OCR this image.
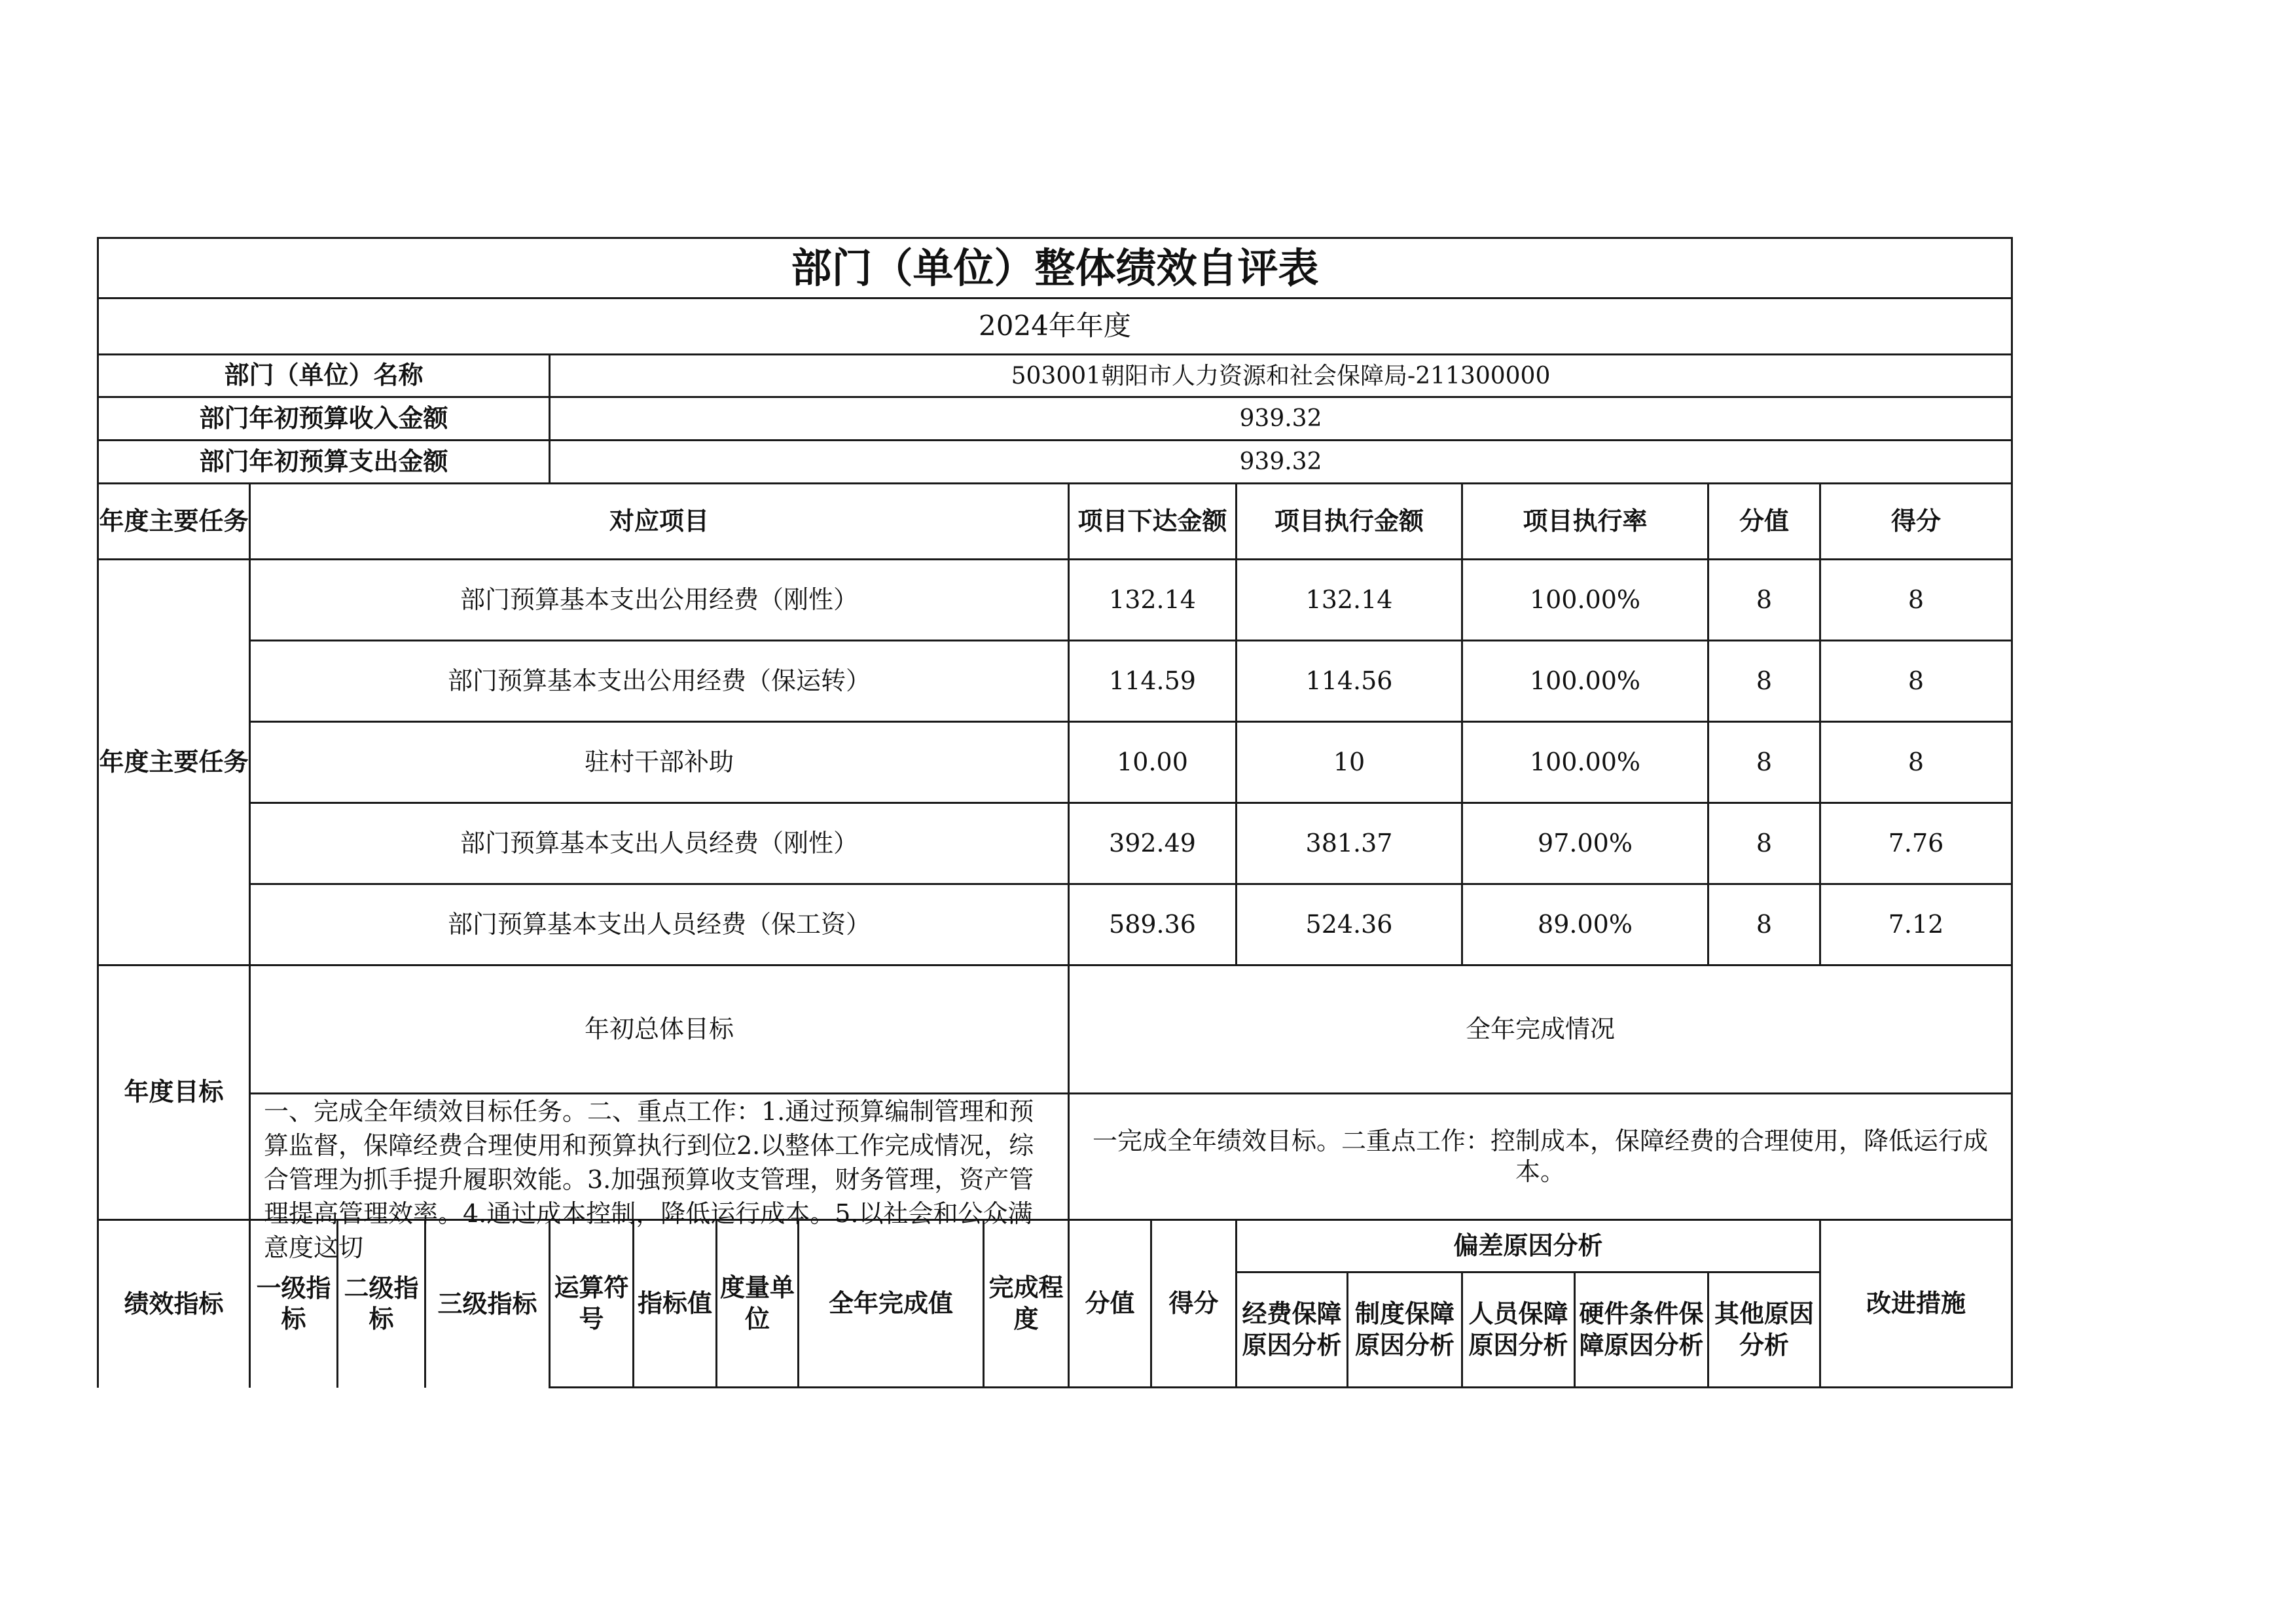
部门（单位）整体绩效自评表																
2024年年度																
部门（单位）名称				503001朝阳市人力资源和社会保障局-211300000												
部门年初预算收入金额				939.32												
部门年初预算支出金额				939.32												
年度主要任务	对应项目								项目下达金额		项目执行金额		项目执行率		分值	得分
年度主要任务	部门预算基本支出公用经费（刚性）								132.14		132.14		100.00%		8	8
	部门预算基本支出公用经费（保运转）								114.59		114.56		100.00%		8	8
	驻村干部补助								10.00		10		100.00%		8	8
	部门预算基本支出人员经费（刚性）								392.49		381.37		97.00%		8	7.76
	部门预算基本支出人员经费（保工资）								589.36		524.36		89.00%		8	7.12
年度目标	年初总体目标								全年完成情况							

	一、完成全年绩效目标任务。二、重点工作：1.通过预算编制管理和预算监督，保障经费合理使用和预算执行到位2.以整体工作完成情况，综合管理为抓手提升履职效能。3.加强预算收支管理，财务管理，资产管理提高管理效率。4.通过成本控制，降低运行成本。5.以社会和公众满意度这切								一完成全年绩效目标。二重点工作：控制成本，保障经费的合理使用，降低运行成本。							
绩效指标	一级指标	二级指标	三级指标	运算符号	指标值	度量单位	全年完成值	完成程度	分值	得分	偏差原因分析					改进措施
											经费保障原因分析	制度保障原因分析	人员保障原因分析	硬件条件保障原因分析	其他原因分析	
